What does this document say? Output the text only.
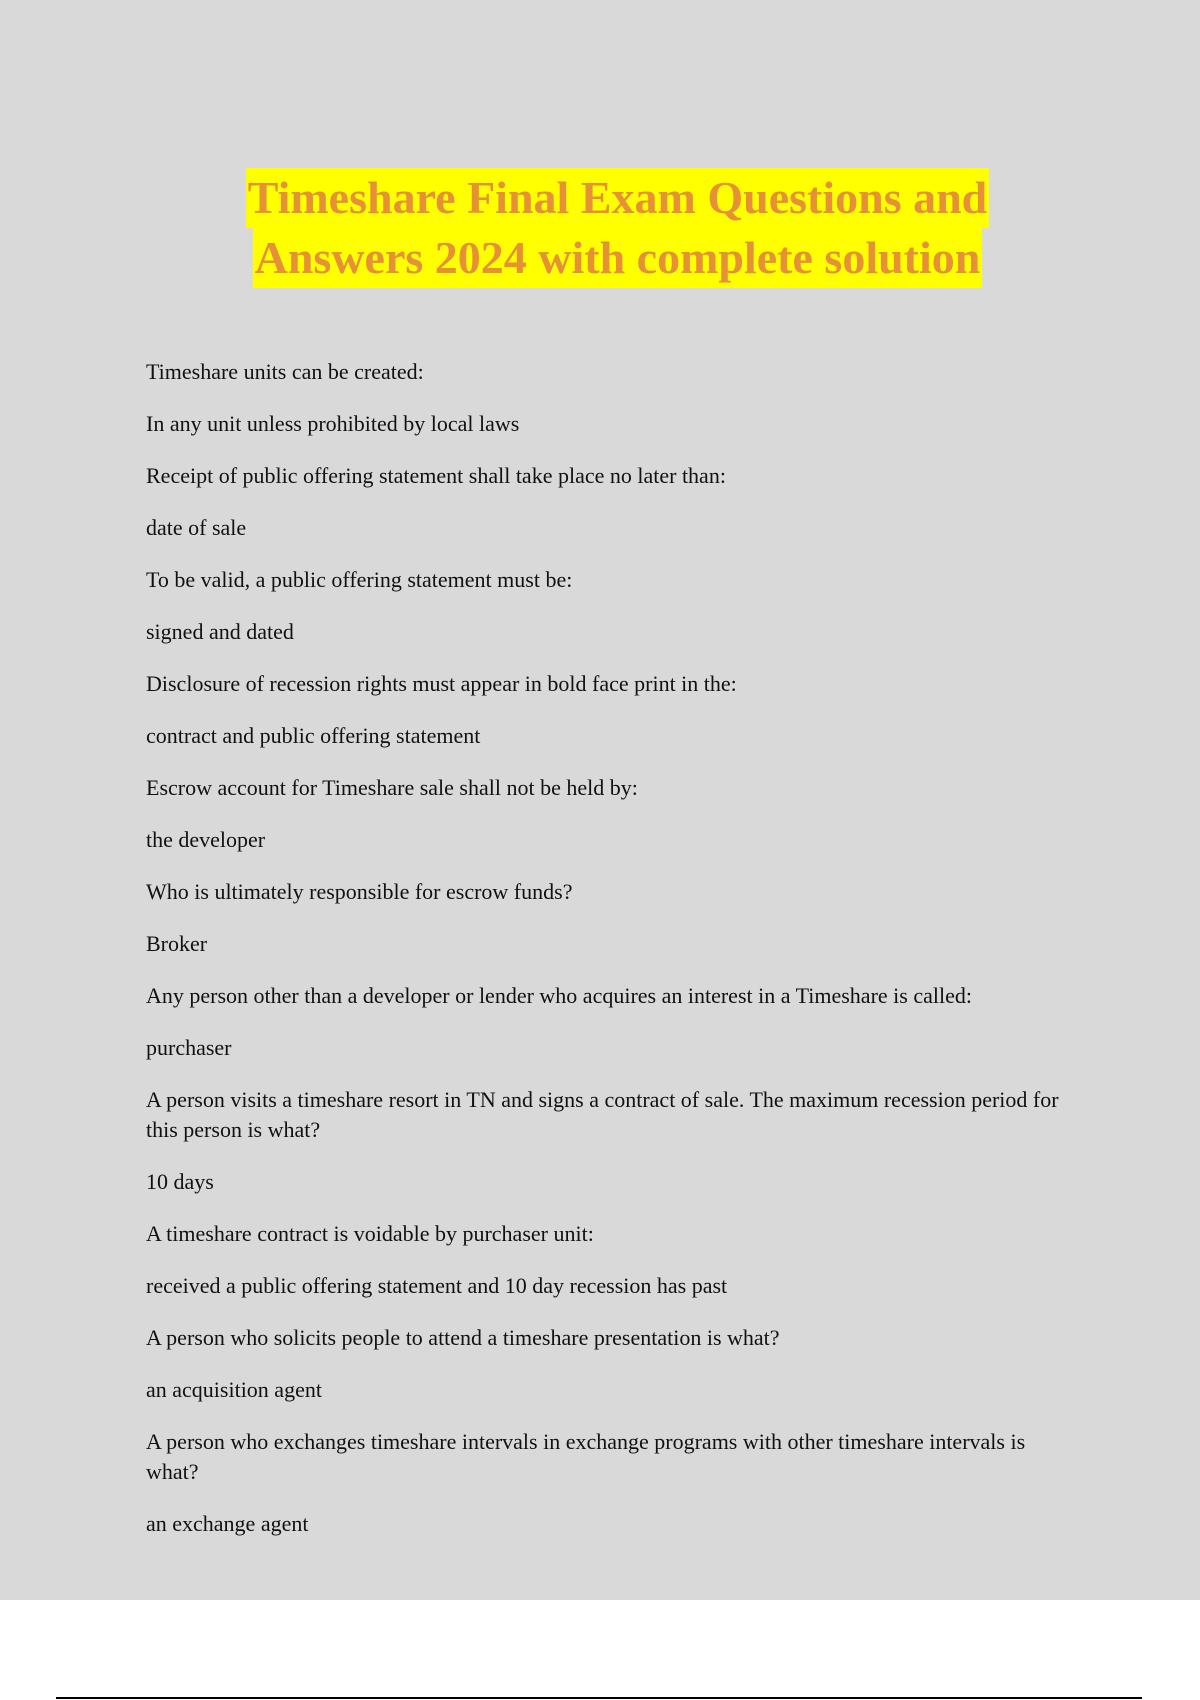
Timeshare Final Exam Questions and
Answers 2024 with complete solution

Timeshare units can be created:

In any unit unless prohibited by local laws

Receipt of public offering statement shall take place no later than:

date of sale

To be valid, a public offering statement must be:

signed and dated

Disclosure of recession rights must appear in bold face print in the:

contract and public offering statement

Escrow account for Timeshare sale shall not be held by:

the developer

Who is ultimately responsible for escrow funds?

Broker

Any person other than a developer or lender who acquires an interest in a Timeshare is called:

purchaser

A person visits a timeshare resort in TN and signs a contract of sale. The maximum recession period for this person is what?

10 days

A timeshare contract is voidable by purchaser unit:

received a public offering statement and 10 day recession has past

A person who solicits people to attend a timeshare presentation is what?

an acquisition agent

A person who exchanges timeshare intervals in exchange programs with other timeshare intervals is what?

an exchange agent
